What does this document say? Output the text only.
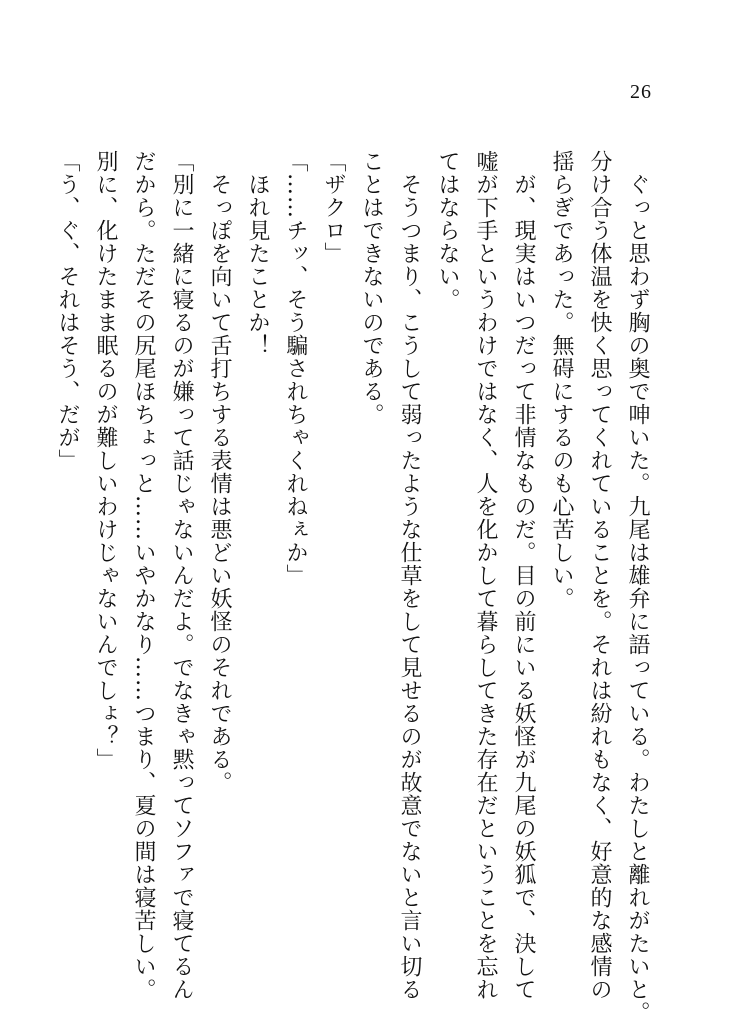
26
　ぐっと思わず胸の奥で呻いた。九尾は雄弁に語っている。わたしと離れがたいと。
分け合う体温を快く思ってくれていることを。それは紛れもなく、好意的な感情の
揺らぎであった。無碍にするのも心苦しい。
　が、現実はいつだって非情なものだ。目の前にいる妖怪が九尾の妖狐で、決して
嘘が下手というわけではなく、人を化かして暮らしてきた存在だということを忘れ
てはならない。
　そうつまり、こうして弱ったような仕草をして見せるのが故意でないと言い切る
ことはできないのである。
「ザクロ」
「……チッ、そう騙されちゃくれねぇか」
　ほれ見たことか！
　そっぽを向いて舌打ちする表情は悪どい妖怪のそれである。
「別に一緒に寝るのが嫌って話じゃないんだよ。でなきゃ黙ってソファで寝てるん
だから。ただその尻尾ほちょっと……いやかなり……つまり、夏の間は寝苦しい。
別に、化けたまま眠るのが難しいわけじゃないんでしょ？」
「う、ぐ、それはそう、だが」
